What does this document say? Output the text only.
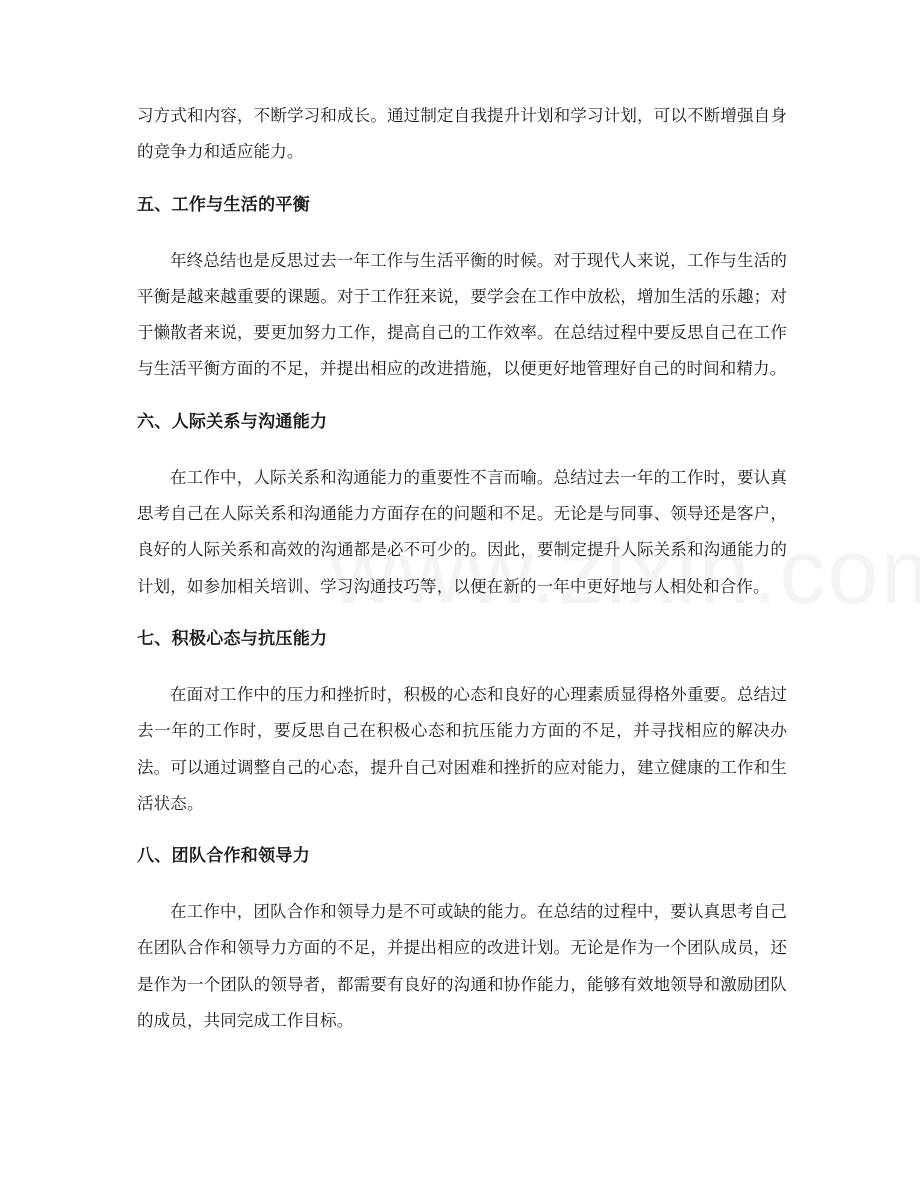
习方式和内容，不断学习和成长。通过制定自我提升计划和学习计划，可以不断增强自身的竞争力和适应能力。

五、工作与生活的平衡

年终总结也是反思过去一年工作与生活平衡的时候。对于现代人来说，工作与生活的平衡是越来越重要的课题。对于工作狂来说，要学会在工作中放松，增加生活的乐趣；对于懒散者来说，要更加努力工作，提高自己的工作效率。在总结过程中要反思自己在工作与生活平衡方面的不足，并提出相应的改进措施，以便更好地管理好自己的时间和精力。

六、人际关系与沟通能力

在工作中，人际关系和沟通能力的重要性不言而喻。总结过去一年的工作时，要认真思考自己在人际关系和沟通能力方面存在的问题和不足。无论是与同事、领导还是客户，良好的人际关系和高效的沟通都是必不可少的。因此，要制定提升人际关系和沟通能力的计划，如参加相关培训、学习沟通技巧等，以便在新的一年中更好地与人相处和合作。

七、积极心态与抗压能力

在面对工作中的压力和挫折时，积极的心态和良好的心理素质显得格外重要。总结过去一年的工作时，要反思自己在积极心态和抗压能力方面的不足，并寻找相应的解决办法。可以通过调整自己的心态，提升自己对困难和挫折的应对能力，建立健康的工作和生活状态。

八、团队合作和领导力

在工作中，团队合作和领导力是不可或缺的能力。在总结的过程中，要认真思考自己在团队合作和领导力方面的不足，并提出相应的改进计划。无论是作为一个团队成员，还是作为一个团队的领导者，都需要有良好的沟通和协作能力，能够有效地领导和激励团队的成员，共同完成工作目标。
